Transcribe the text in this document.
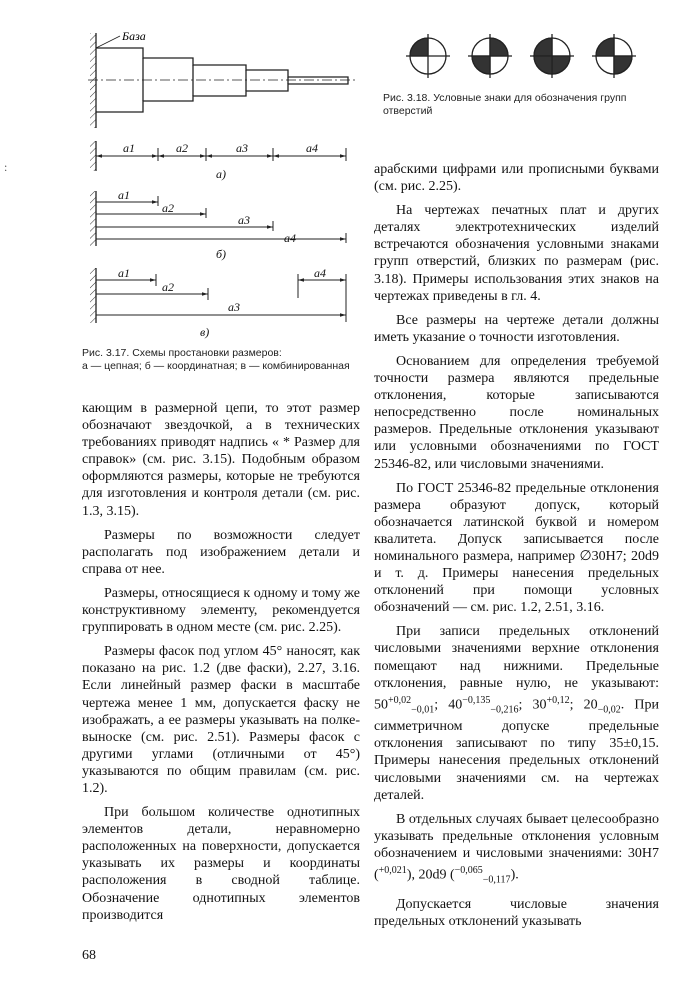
База
a1	a2	a3	a4
а)
a1
a2
a3
a4
б)
a1	a4
a2
a3
в)
Рис. 3.17. Схемы простановки размеров:
а — цепная; б — координатная; в — комбинированная
Рис. 3.18. Условные знаки для обозначения групп отверстий

кающим в размерной цепи, то этот размер обозначают звездочкой, а в технических требованиях приводят надпись « * Размер для справок» (см. рис. 3.15). Подобным образом оформляются размеры, которые не требуются для изготовления и контроля детали (см. рис. 1.3, 3.15).

Размеры по возможности следует располагать под изображением детали и справа от нее.

Размеры, относящиеся к одному и тому же конструктивному элементу, рекомендуется группировать в одном месте (см. рис. 2.25).

Размеры фасок под углом 45° наносят, как показано на рис. 1.2 (две фаски), 2.27, 3.16. Если линейный размер фаски в масштабе чертежа менее 1 мм, допускается фаску не изображать, а ее размеры указывать на полке-выноске (см. рис. 2.51). Размеры фасок с другими углами (отличными от 45°) указываются по общим правилам (см. рис. 1.2).

При большом количестве однотипных элементов детали, неравномерно расположенных на поверхности, допускается указывать их размеры и координаты расположения в сводной таблице. Обозначение однотипных элементов производится

арабскими цифрами или прописными буквами (см. рис. 2.25).

На чертежах печатных плат и других деталях электротехнических изделий встречаются обозначения условными знаками групп отверстий, близких по размерам (рис. 3.18). Примеры использования этих знаков на чертежах приведены в гл. 4.

Все размеры на чертеже детали должны иметь указание о точности изготовления.

Основанием для определения требуемой точности размера являются предельные отклонения, которые записываются непосредственно после номинальных размеров. Предельные отклонения указывают или условными обозначениями по ГОСТ 25346-82, или числовыми значениями.

По ГОСТ 25346-82 предельные отклонения размера образуют допуск, который обозначается латинской буквой и номером квалитета. Допуск записывается после номинального размера, например ∅30H7; 20d9 и т. д. Примеры нанесения предельных отклонений при помощи условных обозначений — см. рис. 1.2, 2.51, 3.16.

При записи предельных отклонений числовыми значениями верхние отклонения помещают над нижними. Предельные отклонения, равные нулю, не указывают: $50^{+0,02}_{-0,01}$; $40^{-0,135}_{-0,216}$; $30^{+0,12}$; $20_{-0,02}$. При симметричном допуске предельные отклонения записывают по типу 35±0,15. Примеры нанесения предельных отклонений числовыми значениями см. на чертежах деталей.

В отдельных случаях бывает целесообразно указывать предельные отклонения условным обозначением и числовыми значениями: 30H7 ($^{+0,021}$), 20d9 ($^{-0,065}_{-0,117}$).

Допускается числовые значения предельных отклонений указывать

68
:
